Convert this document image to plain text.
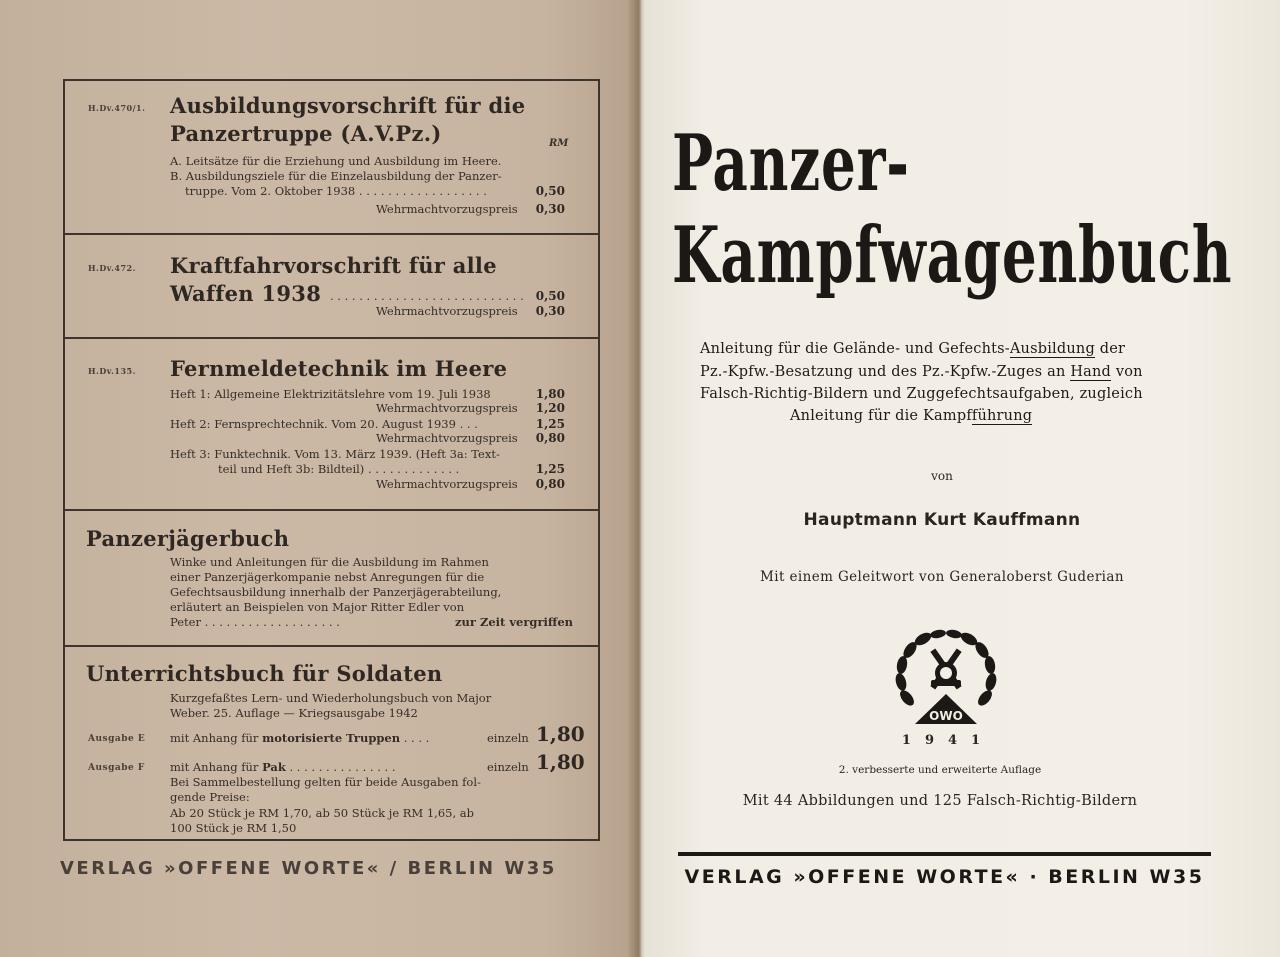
H.Dv.470/1. Ausbildungsvorschrift für die
Panzertruppe (A.V.Pz.)	RM
A. Leitsätze für die Erziehung und Ausbildung im Heere.
B. Ausbildungsziele für die Einzelausbildung der Panzer-
truppe. Vom 2. Oktober 1938 . . . . . . . . . . . . . . . . . .	0,50
Wehrmachtvorzugspreis	0,30
H.Dv.472. Kraftfahrvorschrift für alle
Waffen 1938 . . . . . . . . . . . . . . . . . . . . . . . . . . .	0,50
Wehrmachtvorzugspreis	0,30
H.Dv.135. Fernmeldetechnik im Heere
Heft 1: Allgemeine Elektrizitätslehre vom 19. Juli 1938	1,80
Wehrmachtvorzugspreis	1,20
Heft 2: Fernsprechtechnik. Vom 20. August 1939 . . .	1,25
Wehrmachtvorzugspreis	0,80
Heft 3: Funktechnik. Vom 13. März 1939. (Heft 3a: Text-
teil und Heft 3b: Bildteil) . . . . . . . . . . . . .	1,25
Wehrmachtvorzugspreis	0,80
Panzerjägerbuch
Winke und Anleitungen für die Ausbildung im Rahmen
einer Panzerjägerkompanie nebst Anregungen für die
Gefechtsausbildung innerhalb der Panzerjägerabteilung,
erläutert an Beispielen von Major Ritter Edler von
Peter . . . . . . . . . . . . . . . . . . .	zur Zeit vergriffen
Unterrichtsbuch für Soldaten
Kurzgefaßtes Lern- und Wiederholungsbuch von Major
Weber. 25. Auflage — Kriegsausgabe 1942
Ausgabe E mit Anhang für motorisierte Truppen . . . .	einzeln 1,80
Ausgabe F mit Anhang für Pak . . . . . . . . . . . . . . .	einzeln 1,80
Bei Sammelbestellung gelten für beide Ausgaben fol-
gende Preise:
Ab 20 Stück je RM 1,70, ab 50 Stück je RM 1,65, ab
100 Stück je RM 1,50
VERLAG »OFFENE WORTE« / BERLIN W35
Panzer-
Kampfwagenbuch
Anleitung für die Gelände- und Gefechts-Ausbildung der
Pz.-Kpfw.-Besatzung und des Pz.-Kpfw.-Zuges an Hand von
Falsch-Richtig-Bildern und Zuggefechtsaufgaben, zugleich
Anleitung für die Kampfführung
von
Hauptmann Kurt Kauffmann
Mit einem Geleitwort von Generaloberst Guderian
OWO
1941
2. verbesserte und erweiterte Auflage
Mit 44 Abbildungen und 125 Falsch-Richtig-Bildern
VERLAG »OFFENE WORTE« · BERLIN W35
